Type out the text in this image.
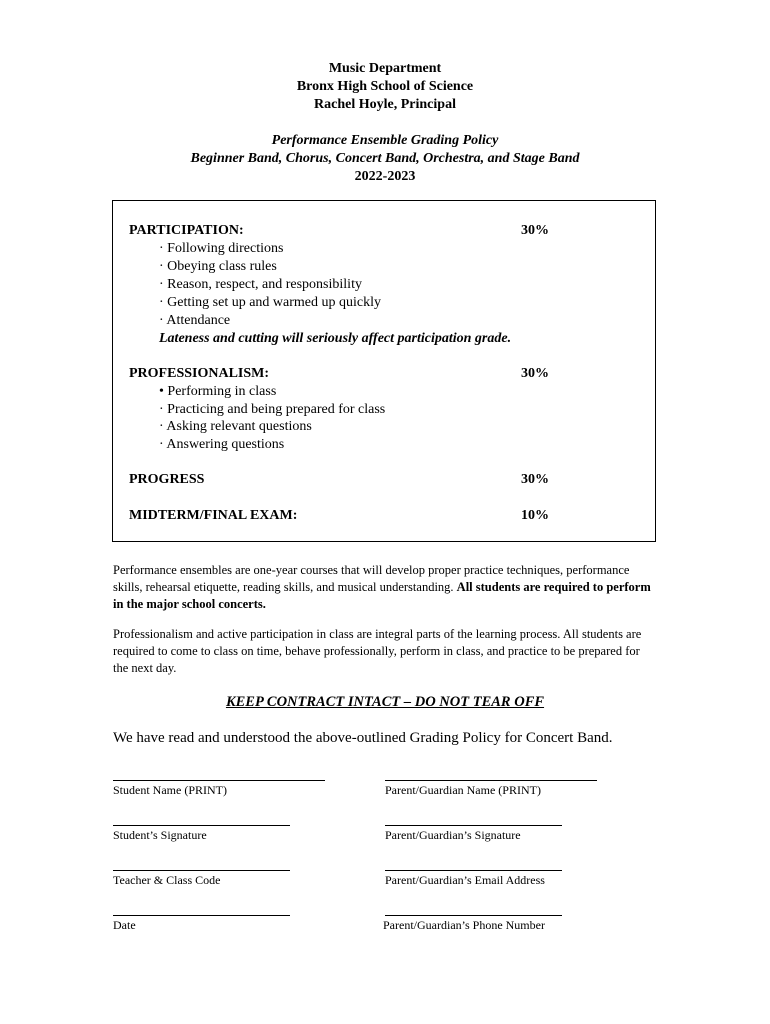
Music Department
Bronx High School of Science
Rachel Hoyle, Principal
Performance Ensemble Grading Policy
Beginner Band, Chorus, Concert Band, Orchestra, and Stage Band
2022-2023
PARTICIPATION:	30%
· Following directions
· Obeying class rules
· Reason, respect, and responsibility
· Getting set up and warmed up quickly
· Attendance
Lateness and cutting will seriously affect participation grade.
PROFESSIONALISM:	30%
• Performing in class
· Practicing and being prepared for class
· Asking relevant questions
· Answering questions
PROGRESS	30%
MIDTERM/FINAL EXAM:	10%
Performance ensembles are one-year courses that will develop proper practice techniques, performance skills, rehearsal etiquette, reading skills, and musical understanding. All students are required to perform in the major school concerts.
Professionalism and active participation in class are integral parts of the learning process. All students are required to come to class on time, behave professionally, perform in class, and practice to be prepared for the next day.
KEEP CONTRACT INTACT – DO NOT TEAR OFF
We have read and understood the above-outlined Grading Policy for Concert Band.
Student Name (PRINT)	Parent/Guardian Name (PRINT)
Student’s Signature	Parent/Guardian’s Signature
Teacher & Class Code	Parent/Guardian’s Email Address
Date	Parent/Guardian’s Phone Number
